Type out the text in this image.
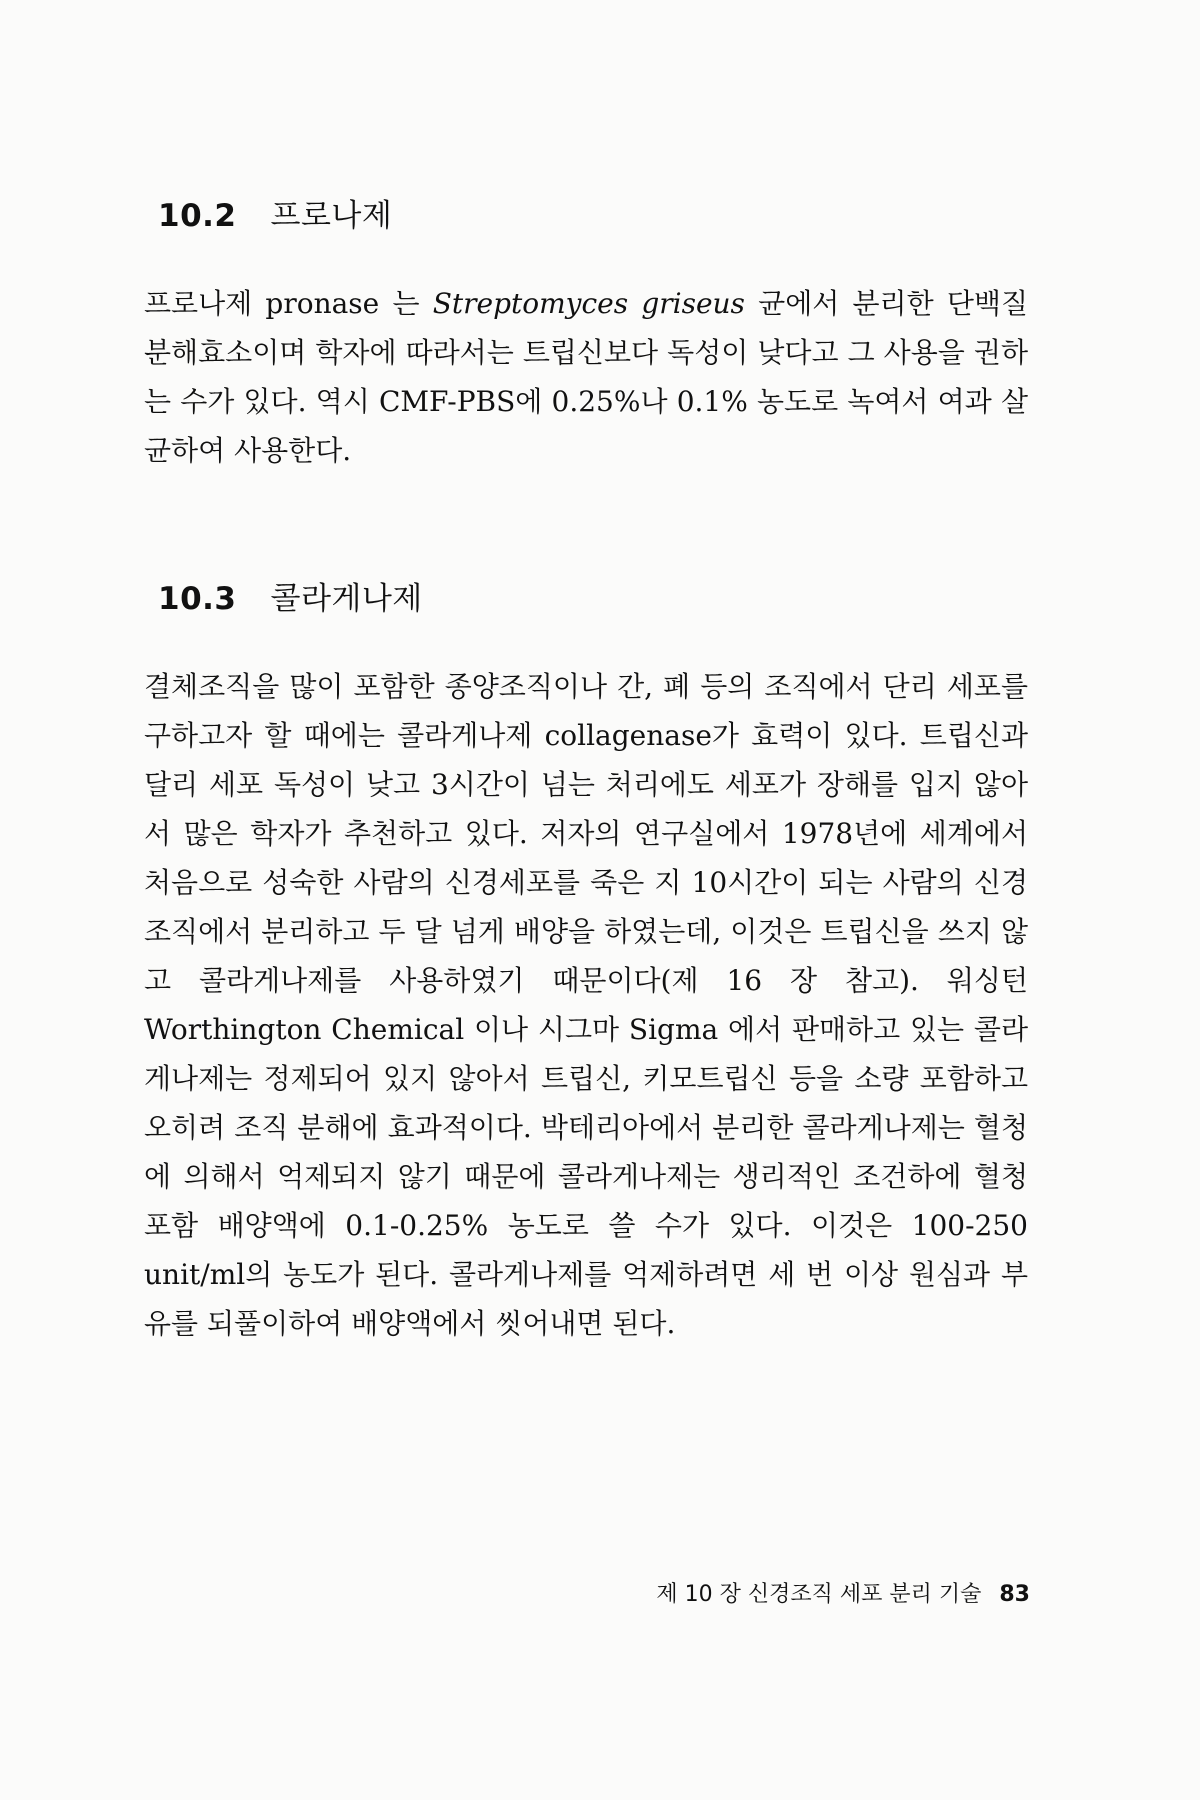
10.2 프로나제

프로나제 pronase 는 Streptomyces griseus 균에서 분리한 단백질 분해효소이며 학자에 따라서는 트립신보다 독성이 낮다고 그 사용을 권하는 수가 있다. 역시 CMF-PBS에 0.25%나 0.1% 농도로 녹여서 여과 살균하여 사용한다.

10.3 콜라게나제

결체조직을 많이 포함한 종양조직이나 간, 폐 등의 조직에서 단리 세포를 구하고자 할 때에는 콜라게나제 collagenase가 효력이 있다. 트립신과 달리 세포 독성이 낮고 3시간이 넘는 처리에도 세포가 장해를 입지 않아서 많은 학자가 추천하고 있다. 저자의 연구실에서 1978년에 세계에서 처음으로 성숙한 사람의 신경세포를 죽은 지 10시간이 되는 사람의 신경조직에서 분리하고 두 달 넘게 배양을 하였는데, 이것은 트립신을 쓰지 않고 콜라게나제를 사용하였기 때문이다(제 16 장 참고). 워싱턴 Worthington Chemical 이나 시그마 Sigma 에서 판매하고 있는 콜라게나제는 정제되어 있지 않아서 트립신, 키모트립신 등을 소량 포함하고 오히려 조직 분해에 효과적이다. 박테리아에서 분리한 콜라게나제는 혈청에 의해서 억제되지 않기 때문에 콜라게나제는 생리적인 조건하에 혈청 포함 배양액에 0.1-0.25% 농도로 쓸 수가 있다. 이것은 100-250 unit/ml의 농도가 된다. 콜라게나제를 억제하려면 세 번 이상 원심과 부유를 되풀이하여 배양액에서 씻어내면 된다.

제 10 장 신경조직 세포 분리 기술 83
